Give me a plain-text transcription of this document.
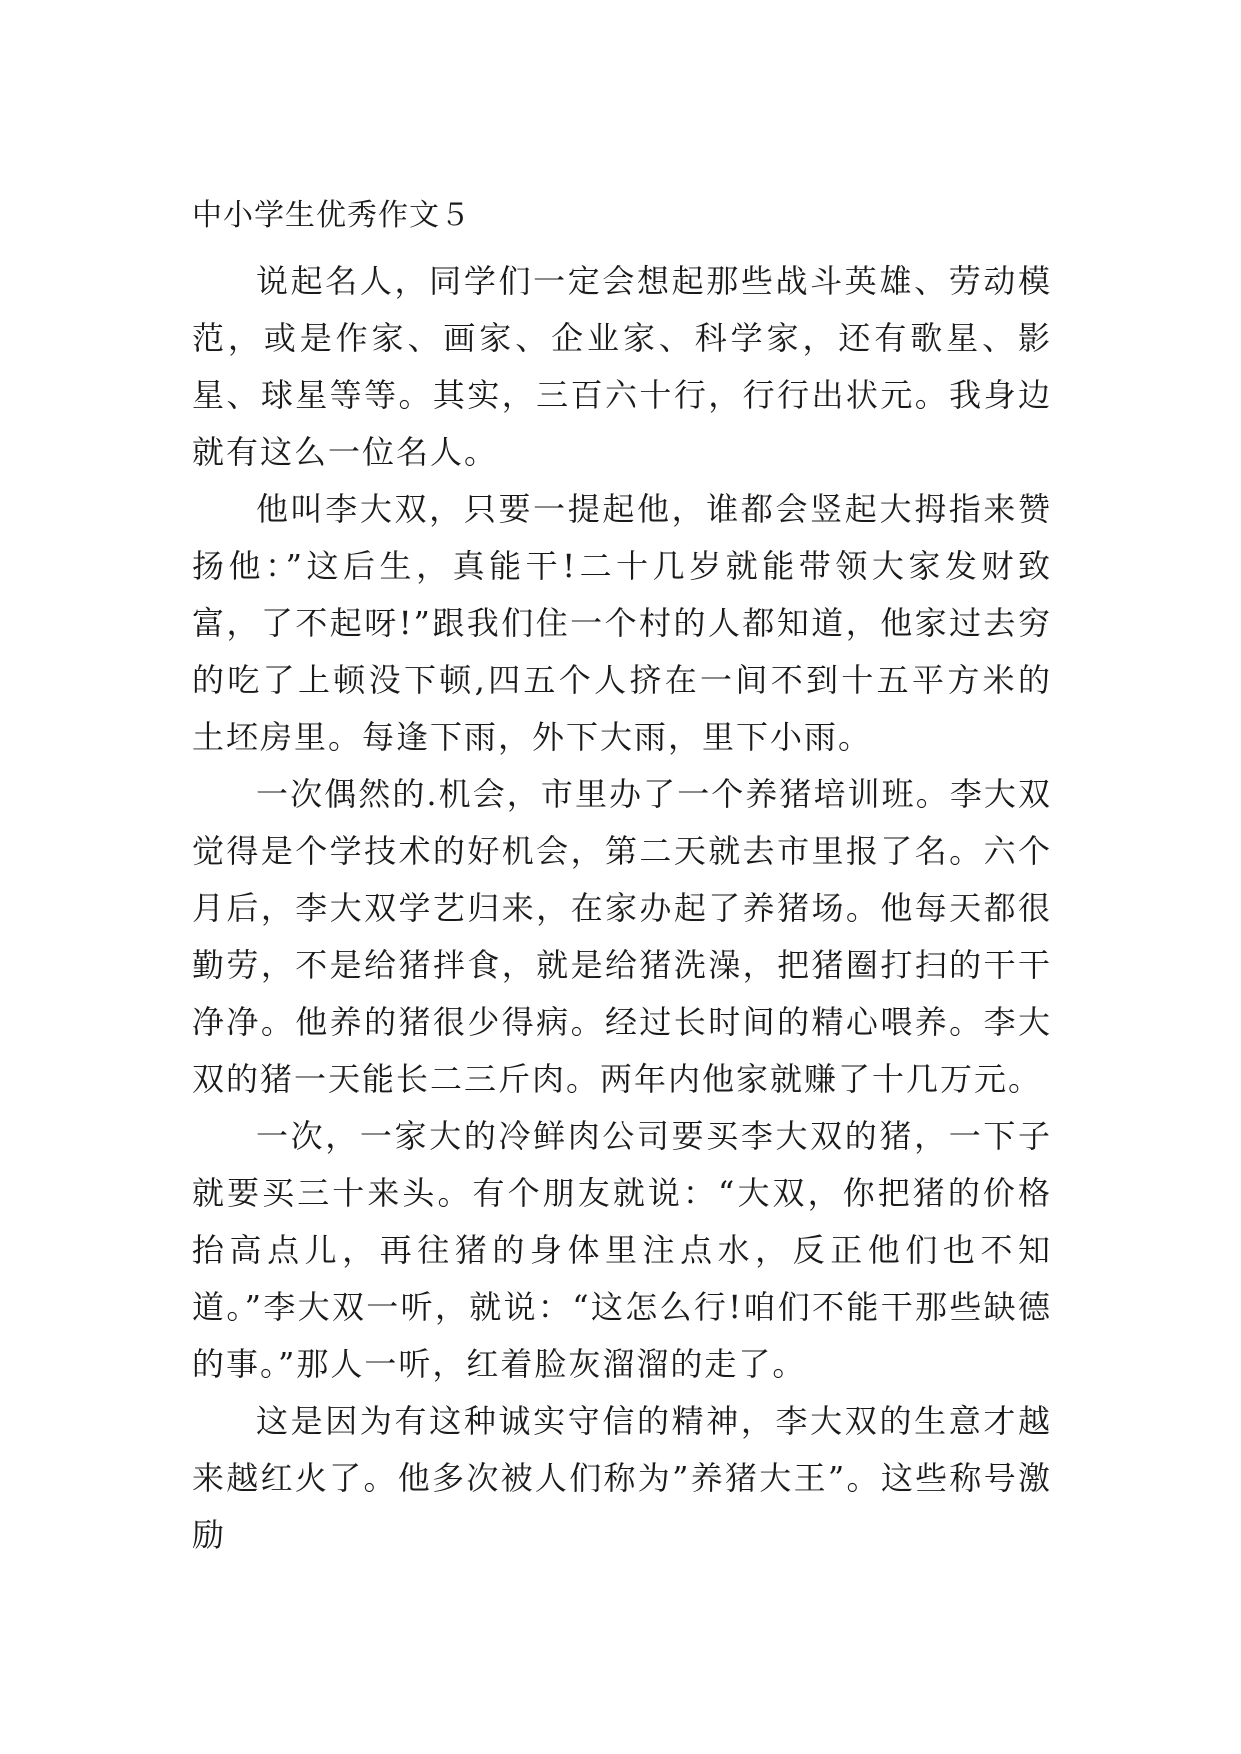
中小学生优秀作文５

说起名人，同学们一定会想起那些战斗英雄、劳动模范，或是作家、画家、企业家、科学家，还有歌星、影星、球星等等。其实，三百六十行，行行出状元。我身边就有这么一位名人。

他叫李大双，只要一提起他，谁都会竖起大拇指来赞扬他：”这后生，真能干!二十几岁就能带领大家发财致富，了不起呀!”跟我们住一个村的人都知道，他家过去穷的吃了上顿没下顿,四五个人挤在一间不到十五平方米的土坯房里。每逢下雨，外下大雨，里下小雨。

一次偶然的.机会，市里办了一个养猪培训班。李大双觉得是个学技术的好机会，第二天就去市里报了名。六个月后，李大双学艺归来，在家办起了养猪场。他每天都很勤劳，不是给猪拌食，就是给猪洗澡，把猪圈打扫的干干净净。他养的猪很少得病。经过长时间的精心喂养。李大双的猪一天能长二三斤肉。两年内他家就赚了十几万元。

一次，一家大的冷鲜肉公司要买李大双的猪，一下子就要买三十来头。有个朋友就说：“大双，你把猪的价格抬高点儿，再往猪的身体里注点水，反正他们也不知道。”李大双一听，就说：“这怎么行!咱们不能干那些缺德的事。”那人一听，红着脸灰溜溜的走了。

这是因为有这种诚实守信的精神，李大双的生意才越来越红火了。他多次被人们称为”养猪大王”。这些称号激励
